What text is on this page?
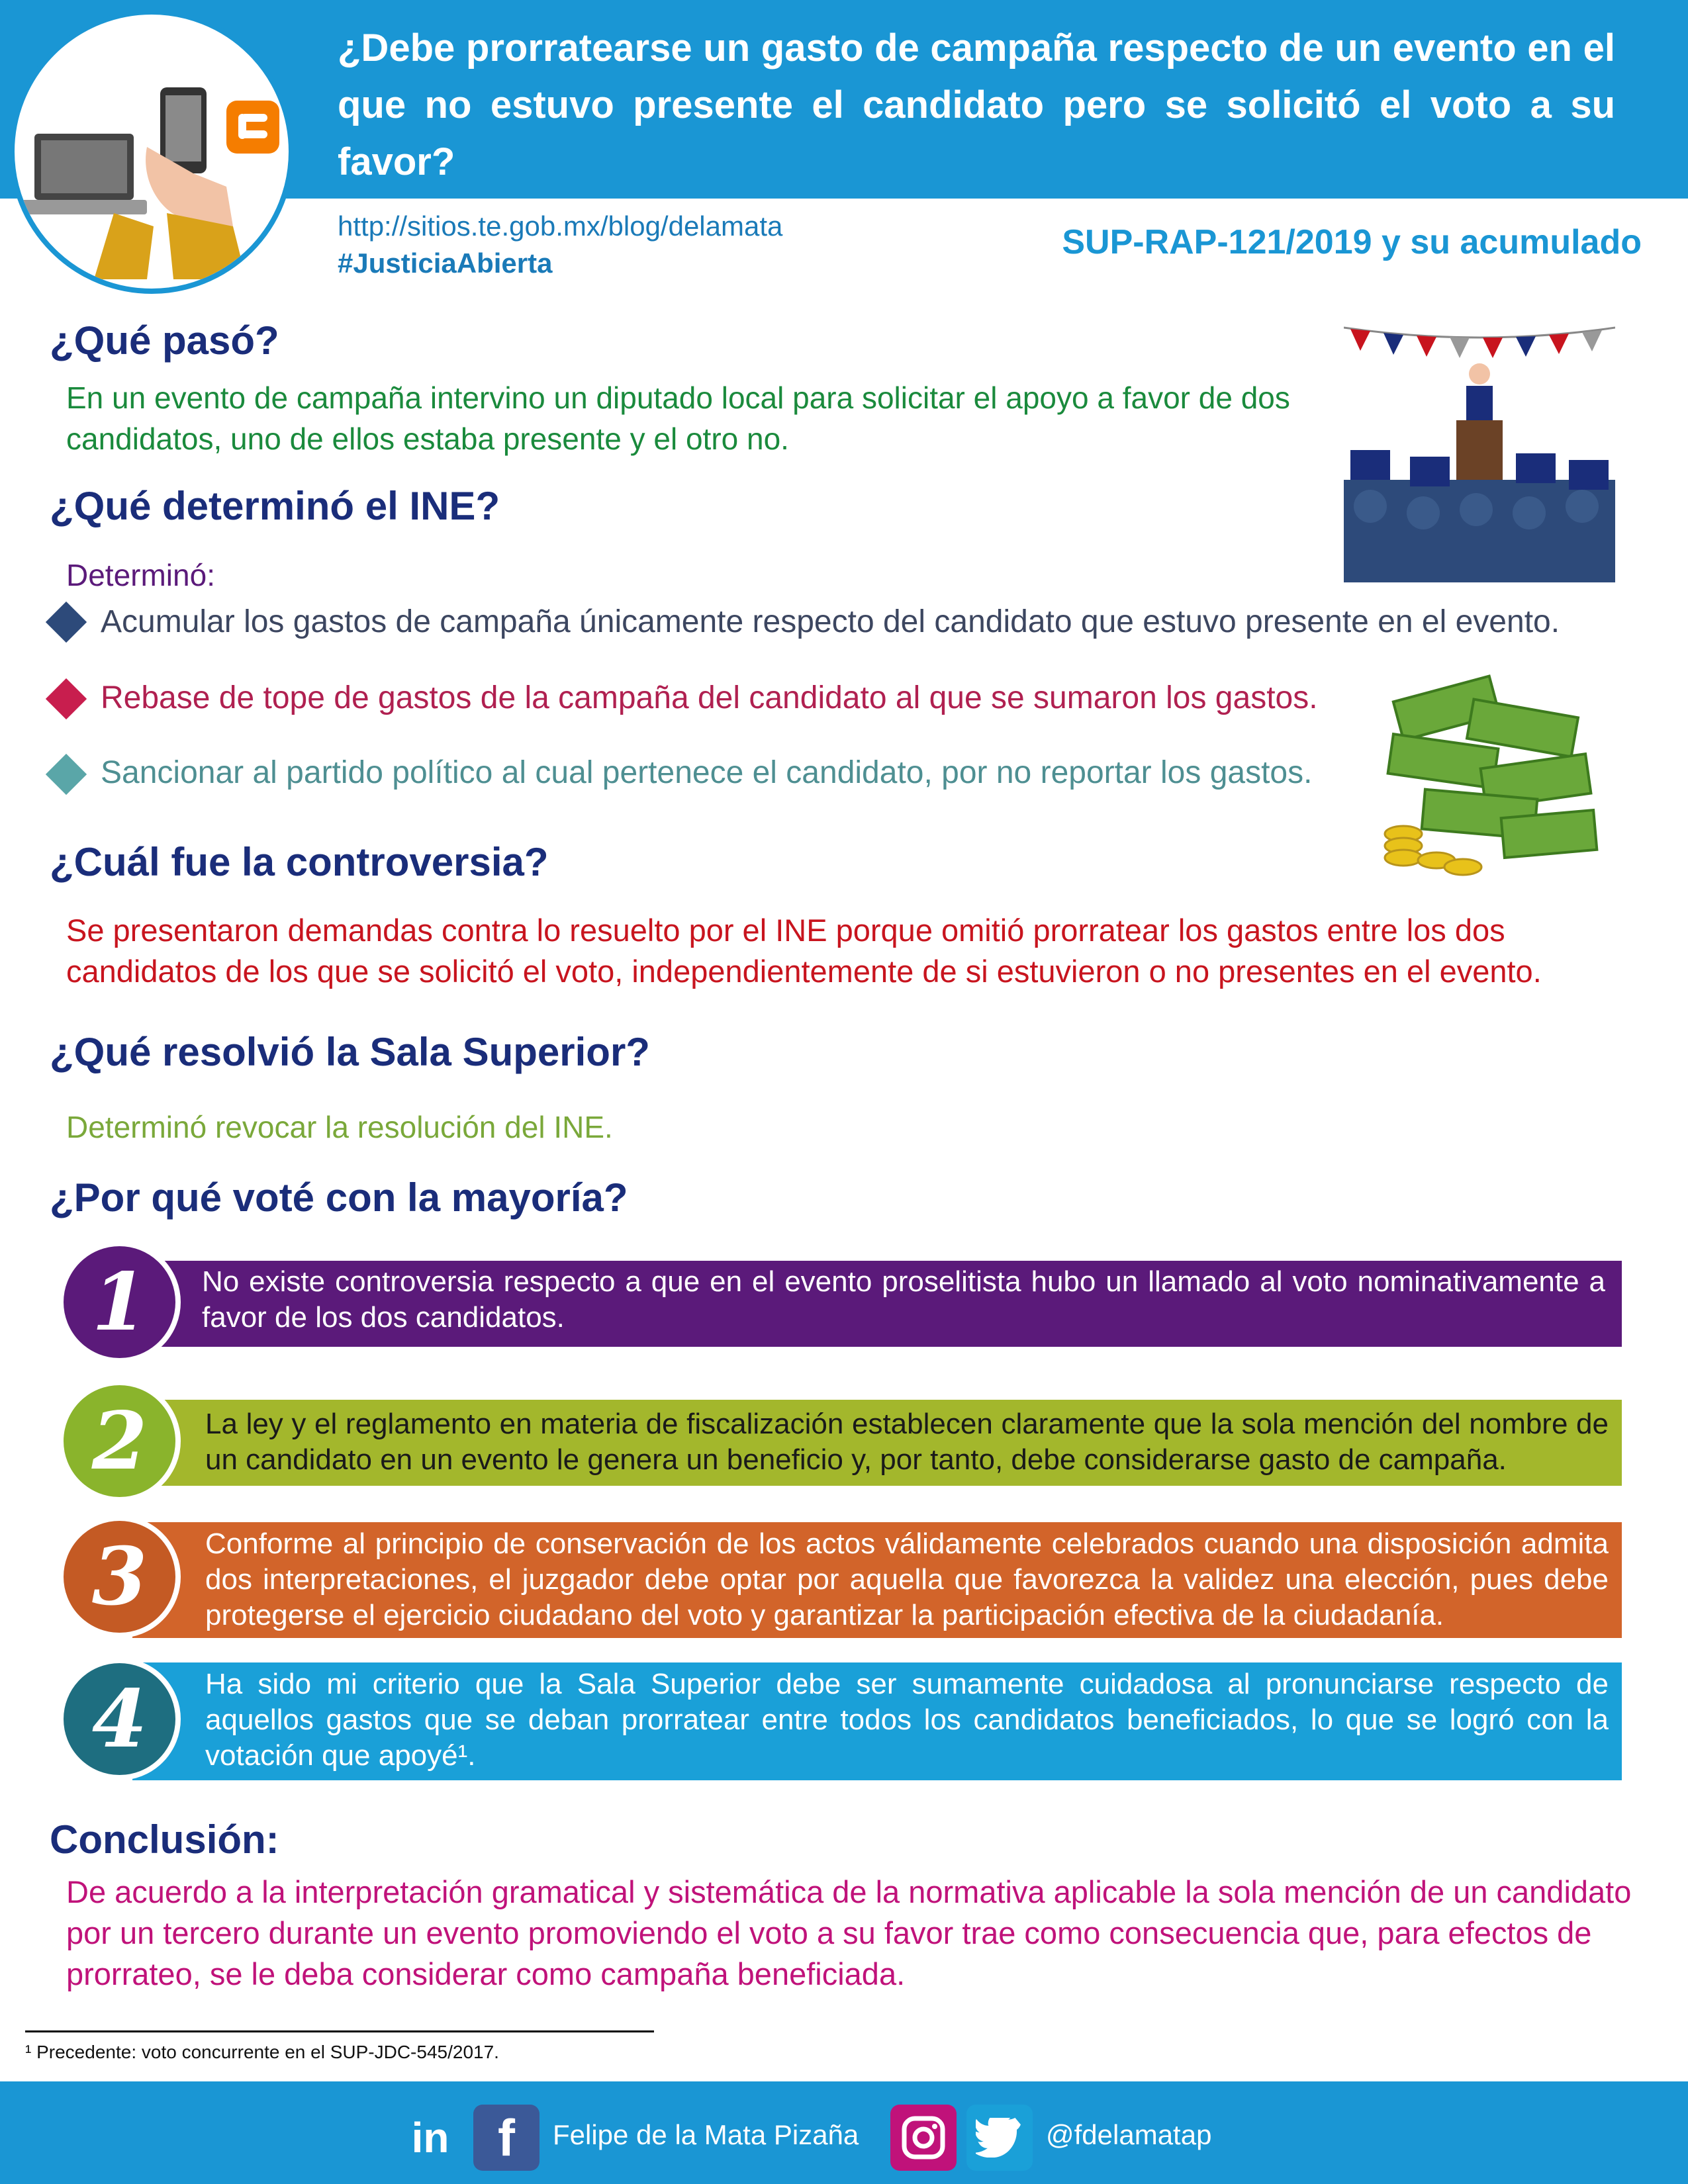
¿Debe prorratearse un gasto de campaña respecto de un evento en el que no estuvo presente el candidato pero se solicitó el voto a su favor?
http://sitios.te.gob.mx/blog/delamata
#JusticiaAbierta
SUP-RAP-121/2019 y su acumulado
¿Qué pasó?
En un evento de campaña intervino un diputado local para solicitar el apoyo a favor de dos candidatos, uno de ellos estaba presente y el otro no.
¿Qué determinó el INE?
Determinó:
Acumular los gastos de campaña únicamente respecto del candidato que estuvo presente en el evento.
Rebase de tope de gastos de la campaña del candidato al que se sumaron los gastos.
Sancionar al partido político al cual pertenece el candidato, por no reportar los gastos.
¿Cuál fue la controversia?
Se presentaron demandas contra lo resuelto por el INE porque omitió prorratear los gastos entre los dos candidatos de los que se solicitó el voto, independientemente de si estuvieron o no presentes en el evento.
¿Qué resolvió la Sala Superior?
Determinó revocar la resolución del INE.
¿Por qué voté con la mayoría?
1 No existe controversia respecto a que en el evento proselitista hubo un llamado al voto nominativamente a favor de los dos candidatos.
2 La ley y el reglamento en materia de fiscalización establecen claramente que la sola mención del nombre de un candidato en un evento le genera un beneficio y, por tanto, debe considerarse gasto de campaña.
3 Conforme al principio de conservación de los actos válidamente celebrados cuando una disposición admita dos interpretaciones, el juzgador debe optar por aquella que favorezca la validez una elección, pues debe protegerse el ejercicio ciudadano del voto y garantizar la participación efectiva de la ciudadanía.
4 Ha sido mi criterio que la Sala Superior debe ser sumamente cuidadosa al pronunciarse respecto de aquellos gastos que se deban prorratear entre todos los candidatos beneficiados, lo que se logró con la votación que apoyé¹.
Conclusión:
De acuerdo a la interpretación gramatical y sistemática de la normativa aplicable la sola mención de un candidato por un tercero durante un evento promoviendo el voto a su favor trae como consecuencia que, para efectos de prorrateo, se le deba considerar como campaña beneficiada.
¹ Precedente: voto concurrente en el SUP-JDC-545/2017.
in f Felipe de la Mata Pizaña	@fdelamatap
